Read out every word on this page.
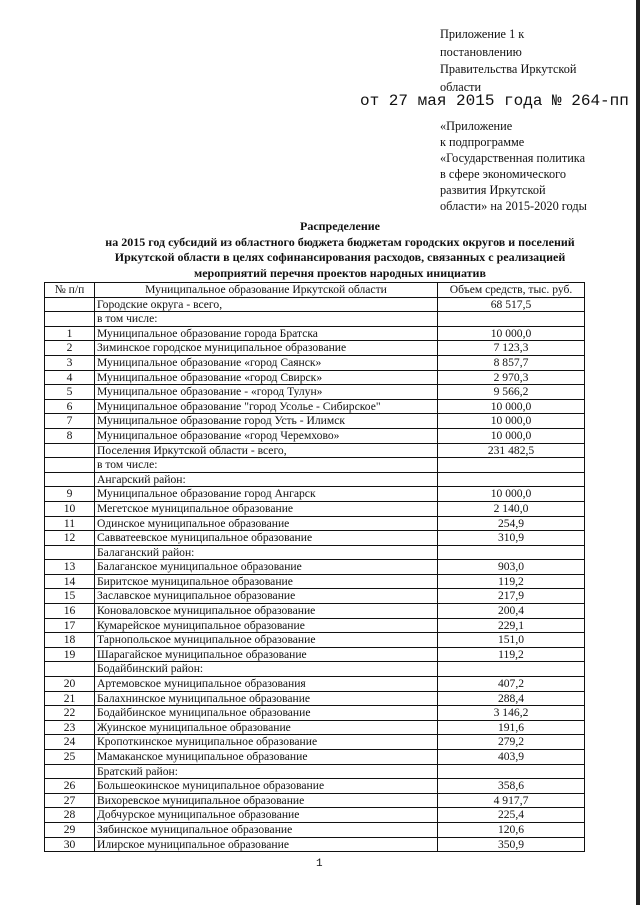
Приложение 1 к
постановлению
Правительства Иркутской
области
от 27 мая 2015 года № 264-пп
«Приложение
к подпрограмме
«Государственная политика
в сфере экономического
развития Иркутской
области» на 2015-2020 годы
Распределение
на 2015 год субсидий из областного бюджета бюджетам городских округов и поселений
Иркутской области в целях софинансирования расходов, связанных с реализацией
мероприятий перечня проектов народных инициатив
№ п/п	Муниципальное образование Иркутской области	Объем средств, тыс. руб.
	Городские округа - всего,	68 517,5
	в том числе:	
1	Муниципальное образование города Братска	10 000,0
2	Зиминское городское муниципальное образование	7 123,3
3	Муниципальное образование «город Саянск»	8 857,7
4	Муниципальное образование «город Свирск»	2 970,3
5	Муниципальное образование - «город Тулун»	9 566,2
6	Муниципальное образование "город Усолье - Сибирское"	10 000,0
7	Муниципальное образование город Усть - Илимск	10 000,0
8	Муниципальное образование «город Черемхово»	10 000,0
	Поселения Иркутской области - всего,	231 482,5
	в том числе:	
	Ангарский район:	
9	Муниципальное образование город Ангарск	10 000,0
10	Мегетское муниципальное образование	2 140,0
11	Одинское муниципальное образование	254,9
12	Савватеевское муниципальное образование	310,9
	Балаганский район:	
13	Балаганское муниципальное образование	903,0
14	Биритское муниципальное образование	119,2
15	Заславское муниципальное образование	217,9
16	Коноваловское муниципальное образование	200,4
17	Кумарейское муниципальное образование	229,1
18	Тарнопольское муниципальное образование	151,0
19	Шарагайское муниципальное образование	119,2
	Бодайбинский район:	
20	Артемовское муниципальное образования	407,2
21	Балахнинское муниципальное образование	288,4
22	Бодайбинское муниципальное образование	3 146,2
23	Жуинское муниципальное образование	191,6
24	Кропоткинское муниципальное образование	279,2
25	Мамаканское муниципальное образование	403,9
	Братский район:	
26	Большеокинское муниципальное образование	358,6
27	Вихоревское муниципальное образование	4 917,7
28	Добчурское муниципальное образование	225,4
29	Зябинское муниципальное образование	120,6
30	Илирское муниципальное образование	350,9
1
